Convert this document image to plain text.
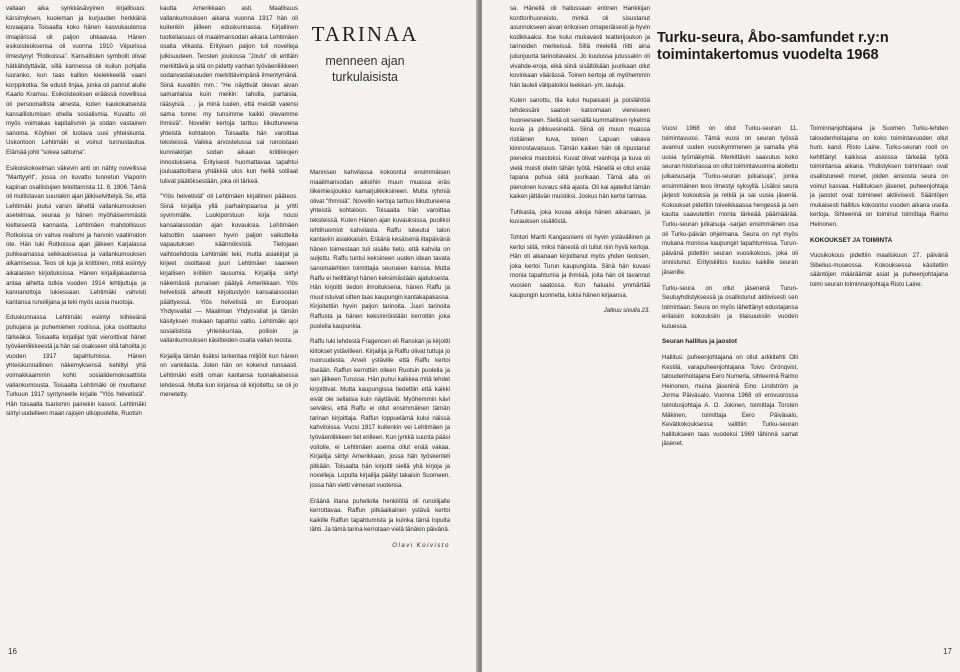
vallaan aika synkkäsävyinen kirjallisuus: kärsimyksen, kuoleman ja kurjuuden herkkänä kuvaajana Toisaalta koko hänen kasvukautensa ilmapiirissä oli paljon uhkaavaa. Hänen esikoisteoksensa oli vuonna 1910 Viipurissa ilmestynyt "Rotkoissa". Kansallisten symbolit olivat hätkähdyttävät, sillä kannessa oli kuilun pohjalla luuranko, kun taas kallion kielekkeellä vaani korppikotka. Se edusti linjaa, jonka oli pannut alulle Kaarlo Kramsu. Esikoisteoksen eräässä novellissa oli persoonallista ainesta, kuten kaukokatseista kansallistumisen ohella sosialismia. Kuvattu oli myös voimakas kapitalismin ja sodan vastainen sanoma. Köyhien oli luotava uusi yhteiskunta. Uskontoon Lehtimäki ei voinut tunnustautua. Elämää johti "sokea sattuma".

Esikoiskokoelman väkevin anti on nähty novellissa "Marttyyrit", jossa on kuvattu tunnetun Viaporin kapinan osallistujien teloittamista 11. 8. 1906. Tämä oli mullistavan suuriakin ajan jälkiselvittelyä. Se, että Lehtimäki joutui varsin läheltä vallankumouksen asetelmaa, seuraa jo hänen myöhäisemmästä kielteisestä kannasta. Lehtimäen mahdollisuus Rotkoissa on vahva realismi ja harvoin vaatimaton ote. Hän luki Rotkoissa ajan jälkeen Karjalassa puhkeamassa selkkauksessa ja vallankumouksen alkamisessa. Teos oli luja ja kriittinen, mitä esiintyy aikalaisten kirjoituksissa. Hänen kirjailijakautensa antaa aihetta tutkia vuoden 1914 lehtijuttuja ja kannanottoja lukiessaan. Lehtimäki vahvisti kantansa runoilijana ja teki myös uusia muotoja.

Eduskunnassa Lehtimäki esiintyi kiihkeänä puhujana ja puhemiehen roolissa, joka osoittautui tärkeäksi. Toisaalta kirjailijat tyät vieroittivat hänet työväenliikkeestä ja hän sai osakseen sitä tahoilta jo vuoden 1917 tapahtumissa. Hänen yhteiskunnallinen näkemyksensä kehittyi yhä voimakkaammin kohti sosialidemokraattista vallankumousta. Toisaalta Lehtimäki oli muuttanut Turkuun 1917 syntyneelle kirjalle "Ylös helvetistä". Hän toisaalta tsarismin painekin kasvoi. Lehtimäki siirtyi uudelleen maan rajojen ulkopuolelle, Ruotsin

kautta Amerikkaan asti. Maallisuus vallankumouksen aikana vuonna 1917 hän oli kuitenkin jälleen eduskunnassa. Kirjallinen tuotteliaisuus oli maailmansodan aikana Lehtimäen osalta vilkasta. Erityisen paljon tuli novelleja julkisuuteen. Teosten joukossa "Joulu" oli erittäin merkittävä ja sitä on pidetty vanhan työväenliikkeen sodanvastaisuuden merkittävimpänä ilmentymänä. Siinä kuvattiin mm.: "He näyttivät olevan aivan samanlaisia kuin meikin: taholla, partaisia, rääsyisiä. . . ja minä luulen, että meidät vaiensi sama tunne: my tunsimme kaikki olevamme ihmisiä". Novellin kertoja tarttuu liikuttuneena yhteistä kohtaloon. Toisaalta hän varoittaa teksteissä. Vaikka arvostelussa sai runoistaan kunniakirjan sodan aikaan kriitikkojen innostuksena. Erityisesti huomattavaa tapahtui jouluaattoiltana yhtäkkiä ulos kun heillä sotilaat tulivat päätöksestään, joka oli tärkeä.

"Ylös helvetistä" oli Lehtimäen kirjallinen pääteos. Siinä kirjailija yllä parhaimpaansa ja yritti syvimmälle. Luokiporstuun kirja nousi kansalaissodan ajan kuvauksia. Lehtimäen katsottiin saaneen hyvin paljon vaikutteita vapautuksen käännöksistä. Tietojaan vaihtoehdosta Lehtimäki teki, mutta asiakirjat ja kirjeet osoittavat juuri Lehtimäen saaneen kirjallisen kritiikin lausumia. Kirjailija siirtyi näkemästä punaisen päätyä Amerikkaan. Ylös helvetistä aiheutti kirjoitustyön kansalaissodan päättyessä. Ylös helvetistä on Euroopan Yhdysvallat — Maailman Yhdysvallat ja tämän käsityksen mukaan tapahtui valtio. Lehtimäki ajoi sosialistista yhteiskuntaa, poliisin ja vallankumouksen käsitteiden osalta vallan teosta.

Kirjailija tämän lisäksi tarkentaa miljööt kun hänen on vankilasta. Joten hän on kokenut runsaasti. Lehtimäki esitti oman kantansa tuonaikaisessa lehdessä. Mutta kun kirjansa oli kirjoitettu, se oli jo menetetty.

TARINAA
menneen ajan turkulaisista

Mannisen kahvilassa kokoontui ensimmäisen maailmansodan aikoihin muun muassa eräs liikemiesjoukko kamarjulkkiksineen. Muita ryhmiä olivat "Ihmisiä". Novellin kertoja tarttuu liikuttuneena yhteistä kohtaloon. Toisaalta hän varoittaa teksteissä. Kuten Hänen ajan kuvauksissa, puoliksi lehtihuomiot kahvilasta. Raffu lukeutui talon kantaviin asiakkaisiin. Eräänä kesäisenä iltapäivänä hänen toimestaan tuli sisälle tieto, että kahvila on suljettu. Raffu tuntui keksineen uuden idean tavata sanomalehtien toimittajia seurueen kanssa. Mutta Raffu ei hellittänyt hänen keksimästään ajatuksesta. Hän kirjoitti tiedon ilmoituksena, hänen Raffu ja muut istuivat sitten taas kaupungin kantakapakassa. Kirjoitettiin hyvin paljon tarinoita. Juuri tarinoita Raffusta ja hänen keksinnöistään kerrottiin joka puolella kaupunkia.

Raffu luki lehdestä Fragencen eli Ranskan ja kirjoitti kiitokset ystävilleen. Kirjailija ja Raffu olivat tuttuja jo nuoruudesta. Arveli ystäville että Raffu kertoi itseään. Raffun kerrottiin olleen Ruotsin puolella ja sen jälkeen Turussa. Hän puhui kaikkea mitä lehdet kirjoittivat. Mutta kaupungissa tiedettiin että kaikki eivät ole sellaisia kuin näyttävät. Myöhemmin kävi selväksi, että Raffu ei ollut ensimmäinen tämän tarinan kirjoittaja. Raffun loppuelämä kului näissä kahviloissa. Vuosi 1917 kuitenkin vei Lehtimäen ja työväenliikkeen tiet erilleen. Kun jyrkkä suunta pääsi voitolle, ei Lehtimäen asema ollut enää vakaa. Kirjailija siirtyi Amerikkaan, jossa hän työskenteli pitkään. Toisaalta hän kirjoitti siellä yhä kirjoja ja novelleja. Lopulta kirjailija päätyi takaisin Suomeen, jossa hän vietti viimeiset vuotensa.

Eräänä iltana puheliolla henkilöllä oli runoilijalle kerrottavaa. Raffun pitkäaikainen ystävä kertoi kaikille Raffun tapahtumista ja kuinka tämä lopulta lähti. Ja tämä tarina kerrotaan vielä tänäkin päivänä.

Olavi Koivisto

16

sa. Hänellä oli hallussaan entinen Hankkijan konttorihuoneisto, minkä oli sisustanut asunnokseen aivan erikoisen omaperäisesti ja hyvin kodikkaaksi. Itse kului mukavasti teatterijoukon ja tarinoiden merkeissä. Sillä mielellä riitti aina jutunjuurta tarinoitavaksi. Jo kuulussa jutussakin oli vivahde-eroja, eikä siinä sisältökään juurikaan ollut kovinkaan väärässä. Toinen kertoja oli myöhemmin hän lauleli välipaloiksi teekkari- ym. lauluja.

Kuten sanottu, tila kului hupaisasti ja poislähtöä tehdessäni saatoin katsomaan viereiseen huoneeseen. Siellä oli seinällä kummallinen rykelmä kuvia ja pikkuesineitä. Siinä oli muun muassa ristiäinen kuva, toinen Lapuan vakava kiinnostavaisuus. Tämän kaiken hän oli ripustanut pieneksi muistoksi. Kuvat olivat vanhoja ja kuva oli vielä muisti oletin tähän työtä. Hänellä ei ollut enää tapana puhua siitä juurikaan. Tämä alla oli pienoinen kuvaus siitä ajasta. Oli kai ajatellut tämän kaiken jättävän muistiksi. Joskus hän kertoi tarinaa.

Tuhkasta, joka kuvaa aikoja hänen aikanaan, ja kuvauksen sisällöstä.

Tohtori Martti Kangasniemi oli hyvin ystävällinen ja kertoi siitä, miksi hänestä oli tullut niin hyvä kertoja. Hän oli aikanaan kirjoittanut myös yhden teoksen, joka kertoi Turun kaupungista. Siinä hän kuvasi monia tapahtumia ja ihmisiä, joita hän oli tavannut vuosien saatossa. Kun haluaisi ymmärtää kaupungin luonnetta, lukisi hänen kirjaansa.

Jatkuu sivulla 23.

Turku-seura, Åbo-samfundet r.y:n toimintakertomus vuodelta 1968

Vuosi 1968 on ollut Turku-seuran 11. toimintavuosi. Tämä vuosi on seuran työssä avannut uuden vuosikymmenen ja samalla yhä uusia työmäkymiä. Merkittävin saavutus koko seuran historiassa on ollut toimintavuonna aloitettu julkaisusarja "Turku-seuran julkaisuja", jonka ensimmäinen teos ilmestyi syksyllä. Lisäksi seura järjesti kokouksia ja retkiä ja sai uusia jäseniä. Kokoukset pidettiin toiveikkaassa hengessä ja sen kautta saavutettiin monta tärkeää päämäärää. Turku-seuran julkaisuja -sarjan ensimmäinen osa oli Turku-päivän ohjelmana. Seura on nyt myös mukana monissa kaupungin tapahtumissa. Turun-päivänä pidettiin seuran vuosikokous, joka oli onnistunut. Erityiskiitos kuuluu kaikille seuran jäsenille.

Turku-seura on ollut jäsenenä Turun-Seutuyhdistyksessä ja osallistunut aktiivisesti sen toimintaan. Seura on myös lähettänyt edustajansa erilaisiin kokouksiin ja tilaisuuksiin vuoden kuluessa.

Seuran hallitus ja jaostot

Hallitus: puheenjohtajana on ollut arkkitehti Olli Kestilä, varapuheenjohtajana Toivo Grönqvist, taloudenhoitajana Eero Numerla, sihteerinä Raimo Heinonen, muina jäseninä Eino Lindström ja Jorma Päiväsalo. Vuonna 1968 oli erovuorossa toimitusjohtaja A. O. Jokinen, toimittaja Torsten Mäkinen, toimittaja Eero Päiväsalo, Kevätkokouksessa valittiin Turku-seuran hallitukseen taas vuodeksi 1969 lähinnä samat jäsenet.

Toiminnanjohtajana ja Suomen Turku-lehden taloudenhoitajana on koko toimintavuoden ollut hum. kand. Risto Laine. Turku-seuran rooli on kehittänyt kaikissa asioissa tärkeää työtä toimintansa aikana. Yhdistyksen toimintaan ovat osallistuneet monet, joiden ansiosta seura on voinut kasvaa. Hallituksen jäsenet, puheenjohtaja ja jaostot ovat toimineet aktiivisesti. Sääntöjen mukaisesti hallitus kokoontui vuoden aikana useita kertoja. Sihteerinä on toiminut toimittaja Raimo Heinonen.

KOKOUKSET JA TOIMINTA

Vuosikokous pidettiin maaliskuun 27. päivänä Sibelius-museossa. Kokouksessa käsiteltiin sääntöjen määräämät asiat ja puheenjohtajana toimi seuran toiminnanjohtaja Risto Laine.

17
